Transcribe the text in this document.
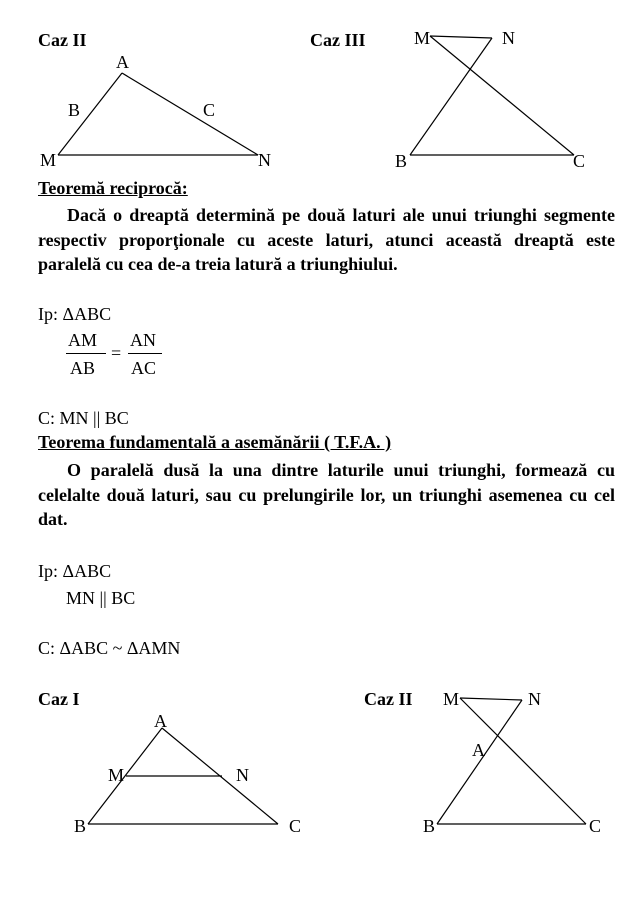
Caz II	Caz III
A
B	C
M	N
M	N
B	C
Teoremă reciprocă:
Dacă o dreaptă determină pe două laturi ale unui triunghi segmente respectiv proporţionale cu aceste laturi, atunci această dreaptă este paralelă cu cea de-a treia latură a triunghiului.
Ip: ΔABC
AM
AB
=
AN
AC
C: MN || BC
Teorema fundamentală a asemănării ( T.F.A. )
O paralelă dusă la una dintre laturile unui triunghi, formează cu celelalte două laturi, sau cu prelungirile lor, un triunghi asemenea cu cel dat.
Ip: ΔABC
MN || BC
C: ΔABC ~ ΔAMN
Caz I	Caz II
A
M	N
B	C
M	N
A
B	C
